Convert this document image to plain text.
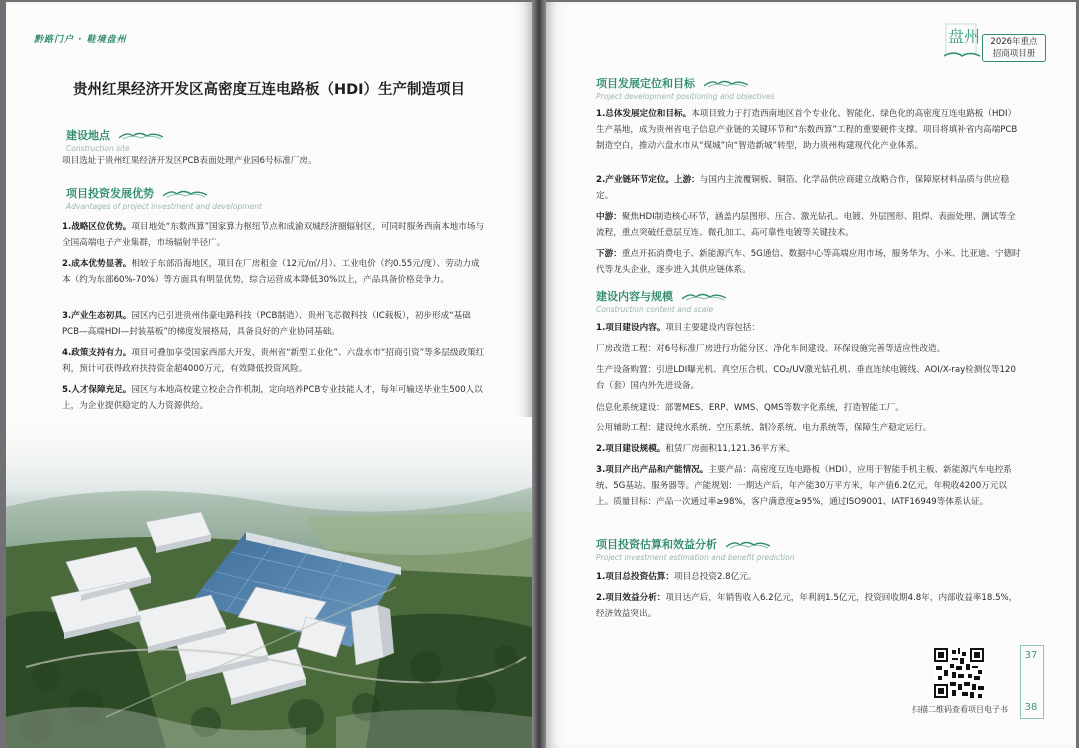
黔路门户 · 鞋境盘州
贵州红果经济开发区高密度互连电路板（HDI）生产制造项目
建设地点
Construction site
项目选址于贵州红果经济开发区PCB表面处理产业园6号标准厂房。
项目投资发展优势
Advantages of project investment and development
1.战略区位优势。项目地处“东数西算”国家算力枢纽节点和成渝双城经济圈辐射区，可同时服务西南本地市场与全国高端电子产业集群，市场辐射半径广。
2.成本优势显著。相较于东部沿海地区，项目在厂房租金（12元/㎡/月）、工业电价（约0.55元/度）、劳动力成本（约为东部60%-70%）等方面具有明显优势，综合运营成本降低30%以上，产品具备价格竞争力。
3.产业生态初具。园区内已引进贵州伟豪电路科技（PCB制造）、贵州飞芯微科技（IC载板），初步形成“基础PCB—高端HDI—封装基板”的梯度发展格局，具备良好的产业协同基础。
4.政策支持有力。项目可叠加享受国家西部大开发、贵州省“新型工业化”、六盘水市“招商引资”等多层级政策红利，预计可获得政府扶持资金超4000万元，有效降低投资风险。
5.人才保障充足。园区与本地高校建立校企合作机制，定向培养PCB专业技能人才，每年可输送毕业生500人以上，为企业提供稳定的人力资源供给。
盘州	2026年重点
招商项目册
项目发展定位和目标
Project development positioning and objectives
1.总体发展定位和目标。本项目致力于打造西南地区首个专业化、智能化、绿色化的高密度互连电路板（HDI）生产基地，成为贵州省电子信息产业链的关键环节和“东数西算”工程的重要硬件支撑。项目将填补省内高端PCB制造空白，推动六盘水市从“煤城”向“智造新城”转型，助力贵州构建现代化产业体系。
2.产业链环节定位。上游：与国内主流覆铜板、铜箔、化学品供应商建立战略合作，保障原材料品质与供应稳定。
中游：聚焦HDI制造核心环节，涵盖内层图形、压合、激光钻孔、电镀、外层图形、阻焊、表面处理、测试等全流程，重点突破任意层互连、微孔加工、高可靠性电镀等关键技术。
下游：重点开拓消费电子、新能源汽车、5G通信、数据中心等高端应用市场，服务华为、小米、比亚迪、宁德时代等龙头企业，逐步进入其供应链体系。
建设内容与规模
Construction content and scale
1.项目建设内容。项目主要建设内容包括：
厂房改造工程：对6号标准厂房进行功能分区、净化车间建设、环保设施完善等适应性改造。
生产设备购置：引进LDI曝光机、真空压合机、CO₂/UV激光钻孔机、垂直连续电镀线、AOI/X-ray检测仪等120台（套）国内外先进设备。
信息化系统建设：部署MES、ERP、WMS、QMS等数字化系统，打造智能工厂。
公用辅助工程：建设纯水系统、空压系统、制冷系统、电力系统等，保障生产稳定运行。
2.项目建设规模。租赁厂房面积11,121.36平方米。
3.项目产出产品和产能情况。主要产品：高密度互连电路板（HDI），应用于智能手机主板、新能源汽车电控系统、5G基站、服务器等。产能规划：一期达产后，年产能30万平方米，年产值6.2亿元，年税收4200万元以上。质量目标：产品一次通过率≥98%，客户满意度≥95%，通过ISO9001、IATF16949等体系认证。
项目投资估算和效益分析
Project investment estimation and benefit prediction
1.项目总投资估算：项目总投资2.8亿元。
2.项目效益分析：项目达产后，年销售收入6.2亿元，年利润1.5亿元，投资回收期4.8年，内部收益率18.5%，经济效益突出。
扫描二维码查看项目电子书
37
38
